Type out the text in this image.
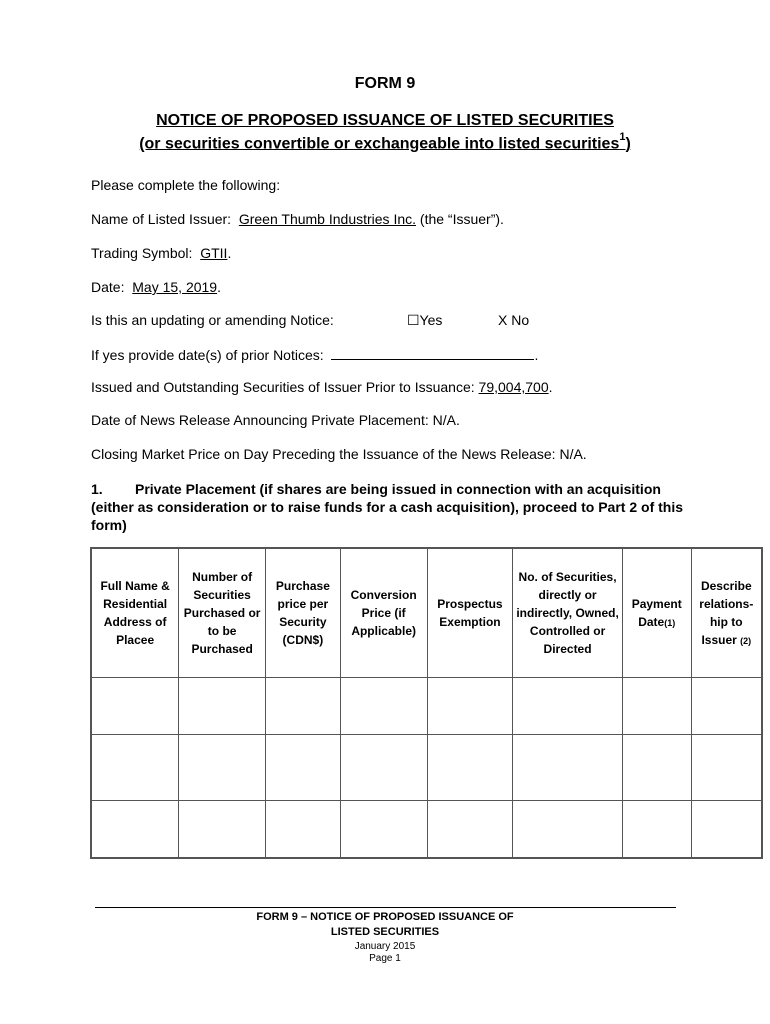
FORM 9
NOTICE OF PROPOSED ISSUANCE OF LISTED SECURITIES
(or securities convertible or exchangeable into listed securities$^1$)
Please complete the following:
Name of Listed Issuer: Green Thumb Industries Inc. (the “Issuer”).
Trading Symbol: GTII.
Date: May 15, 2019.
Is this an updating or amending Notice:	☐Yes	X No
If yes provide date(s) of prior Notices:	.
Issued and Outstanding Securities of Issuer Prior to Issuance: 79,004,700.
Date of News Release Announcing Private Placement: N/A.
Closing Market Price on Day Preceding the Issuance of the News Release: N/A.
1. Private Placement (if shares are being issued in connection with an acquisition (either as consideration or to raise funds for a cash acquisition), proceed to Part 2 of this form)
Full Name & Residential Address of Placee	Number of Securities Purchased or to be Purchased	Purchase price per Security (CDN$)	Conversion Price (if Applicable)	Prospectus Exemption	No. of Securities, directly or indirectly, Owned, Controlled or Directed	Payment Date(1)	Describe relations-hip to Issuer (2)

FORM 9 – NOTICE OF PROPOSED ISSUANCE OF
LISTED SECURITIES
January 2015
Page 1
